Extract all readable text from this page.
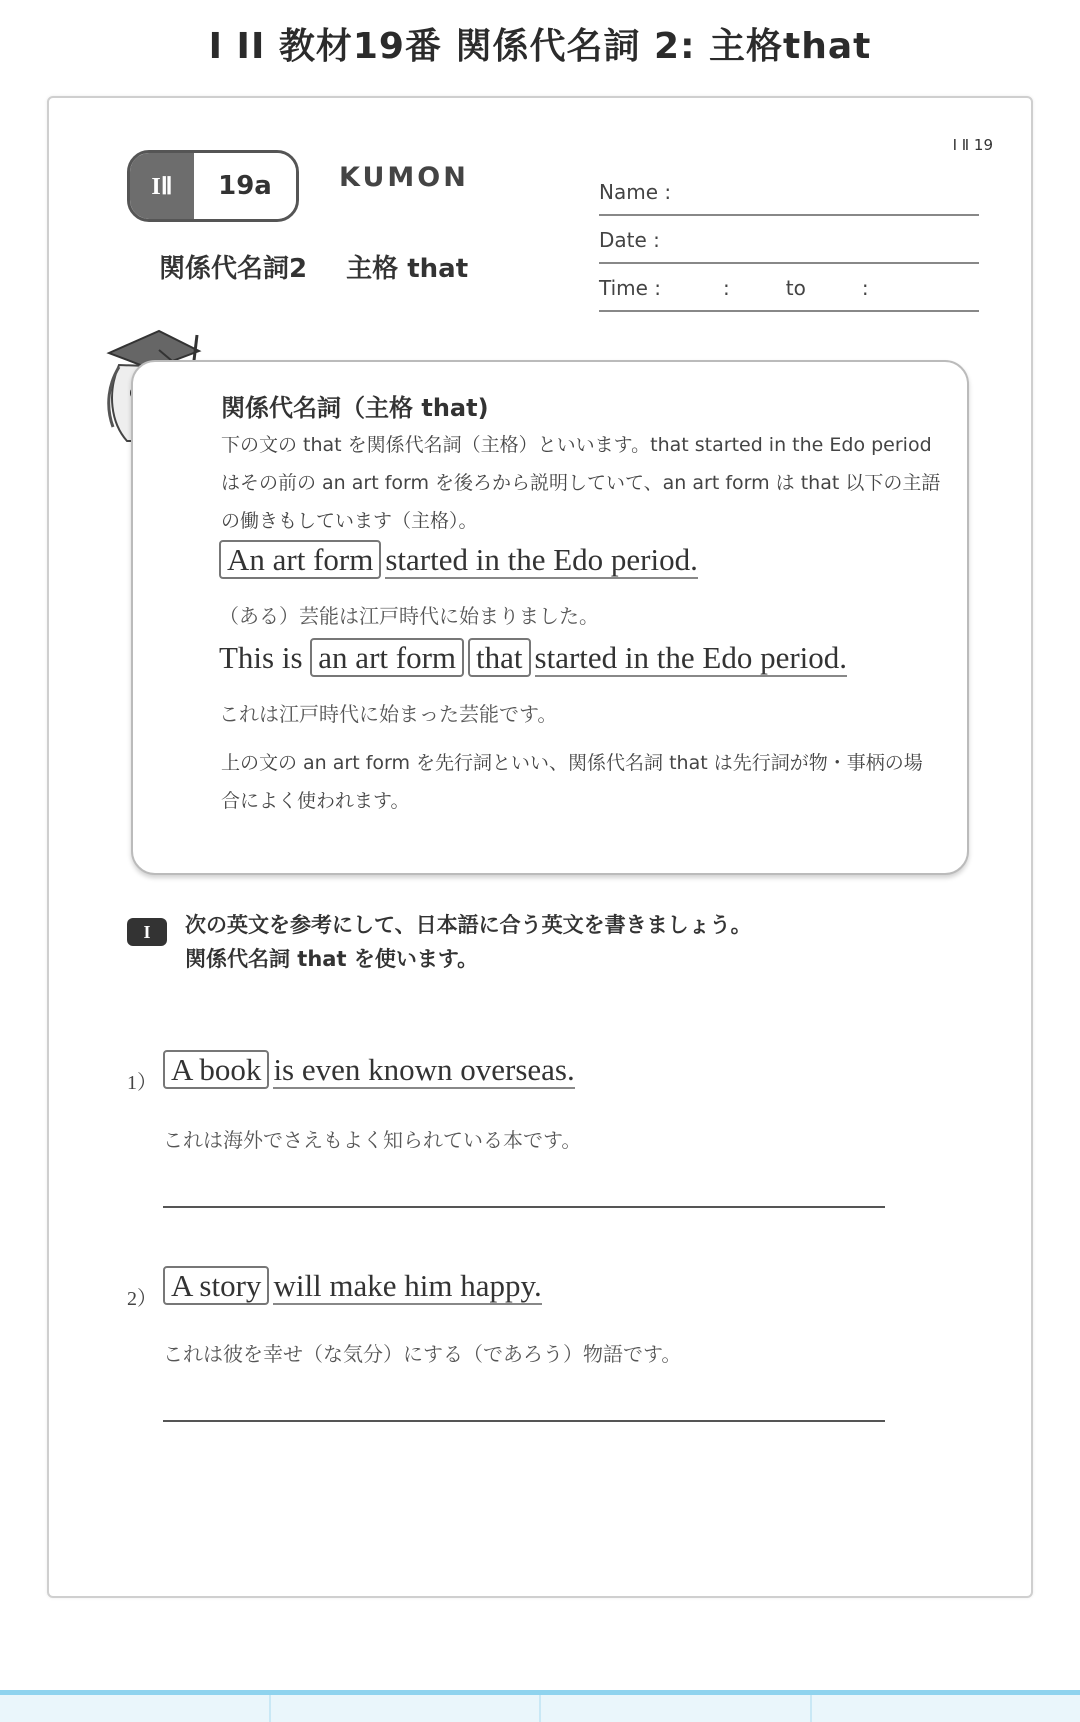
I II 教材19番 関係代名詞 2: 主格that
I Ⅱ 19
IⅡ	19a	KUMON
関係代名詞2 主格 that
Name :
Date :
Time :	:	to	:
関係代名詞（主格 that)
下の文の that を関係代名詞（主格）といいます。that started in the Edo period はその前の an art form を後ろから説明していて、an art form は that 以下の主語の働きもしています（主格）。
An art form started in the Edo period.
（ある）芸能は江戸時代に始まりました。
This is an art form that started in the Edo period.
これは江戸時代に始まった芸能です。
上の文の an art form を先行詞といい、関係代名詞 that は先行詞が物・事柄の場合によく使われます。
I	次の英文を参考にして、日本語に合う英文を書きましょう。
関係代名詞 that を使います。
1） A book is even known overseas.
これは海外でさえもよく知られている本です。
2） A story will make him happy.
これは彼を幸せ（な気分）にする（であろう）物語です。
